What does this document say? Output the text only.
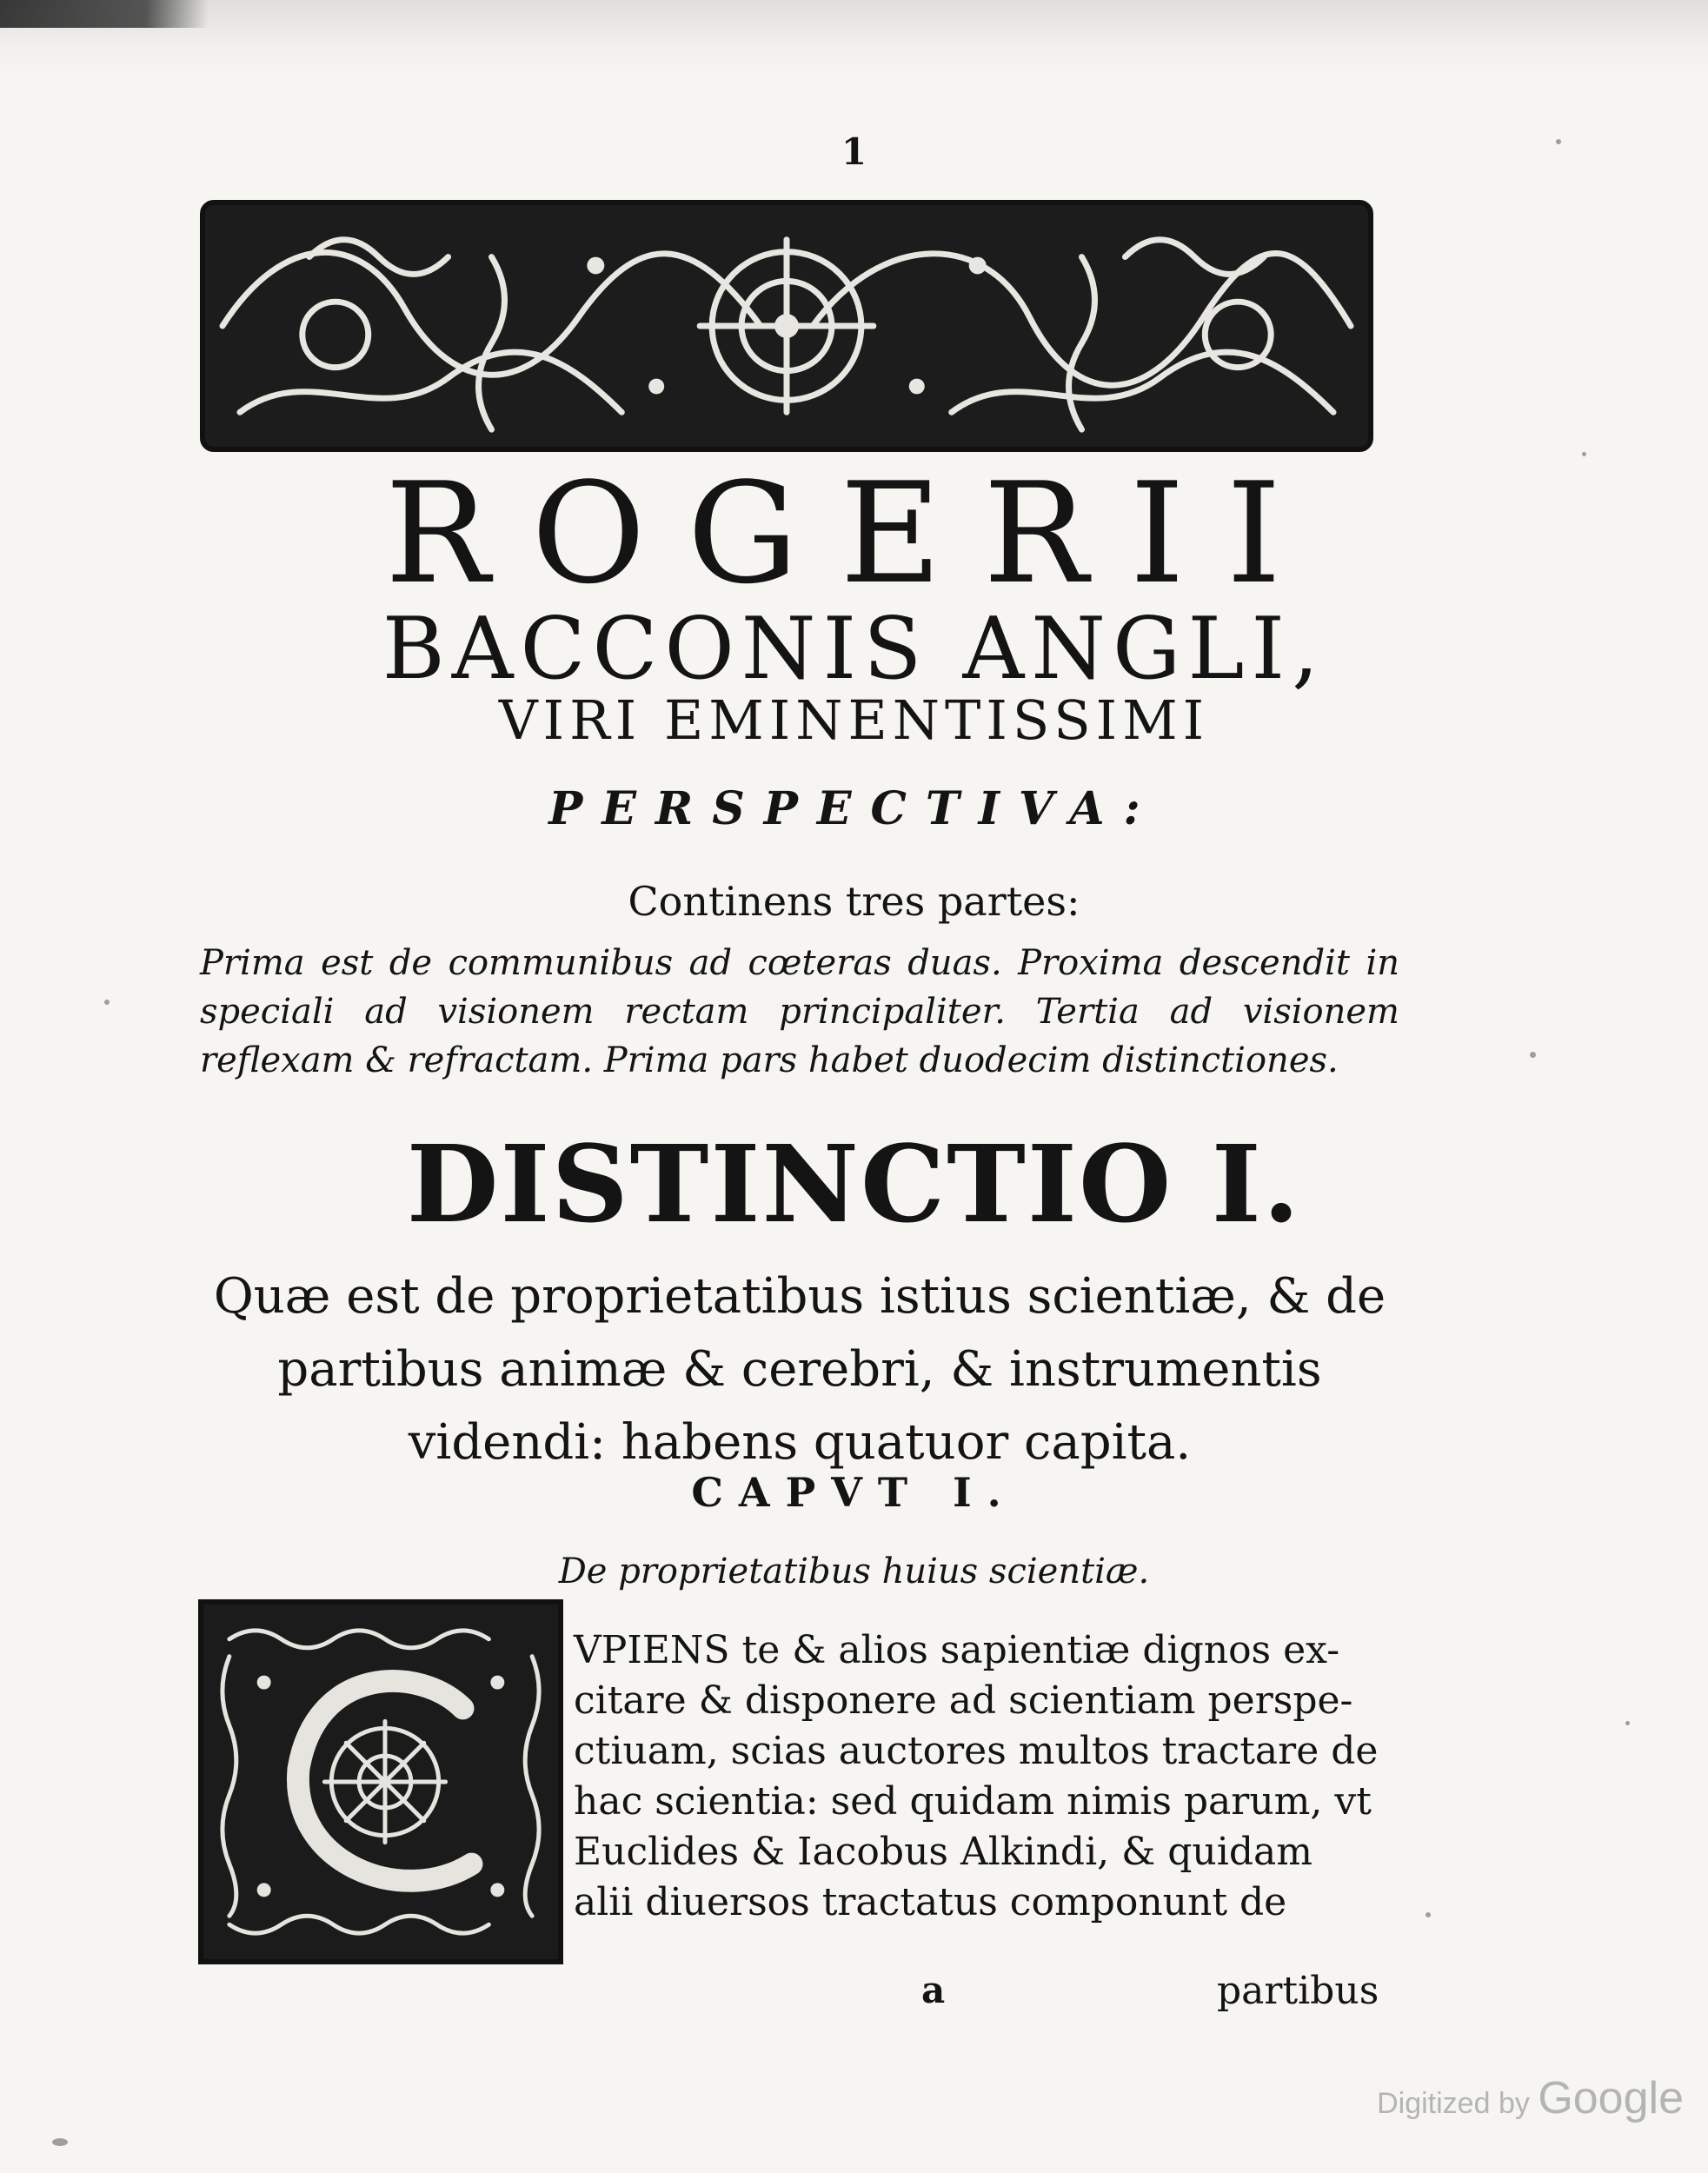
1
ROGERII
BACCONIS ANGLI,
VIRI EMINENTISSIMI
PERSPECTIVA:
Continens tres partes:
Prima est de communibus ad cœteras duas. Proxima descendit in speciali ad visionem rectam principaliter. Tertia ad visionem reflexam & refractam. Prima pars habet duodecim distinctiones.
DISTINCTIO I.
Quæ est de proprietatibus istius scientiæ, & de partibus animæ & cerebri, & instrumentis videndi: habens quatuor capita.
CAPVT I.
De proprietatibus huius scientiæ.
VPIENS te & alios sapientiæ dignos ex-
citare & disponere ad scientiam perspe-
ctiuam, scias auctores multos tractare de
hac scientia: sed quidam nimis parum, vt
Euclides & Iacobus Alkindi, & quidam
alii diuersos tractatus componunt de
a	partibus
Digitized by Google
